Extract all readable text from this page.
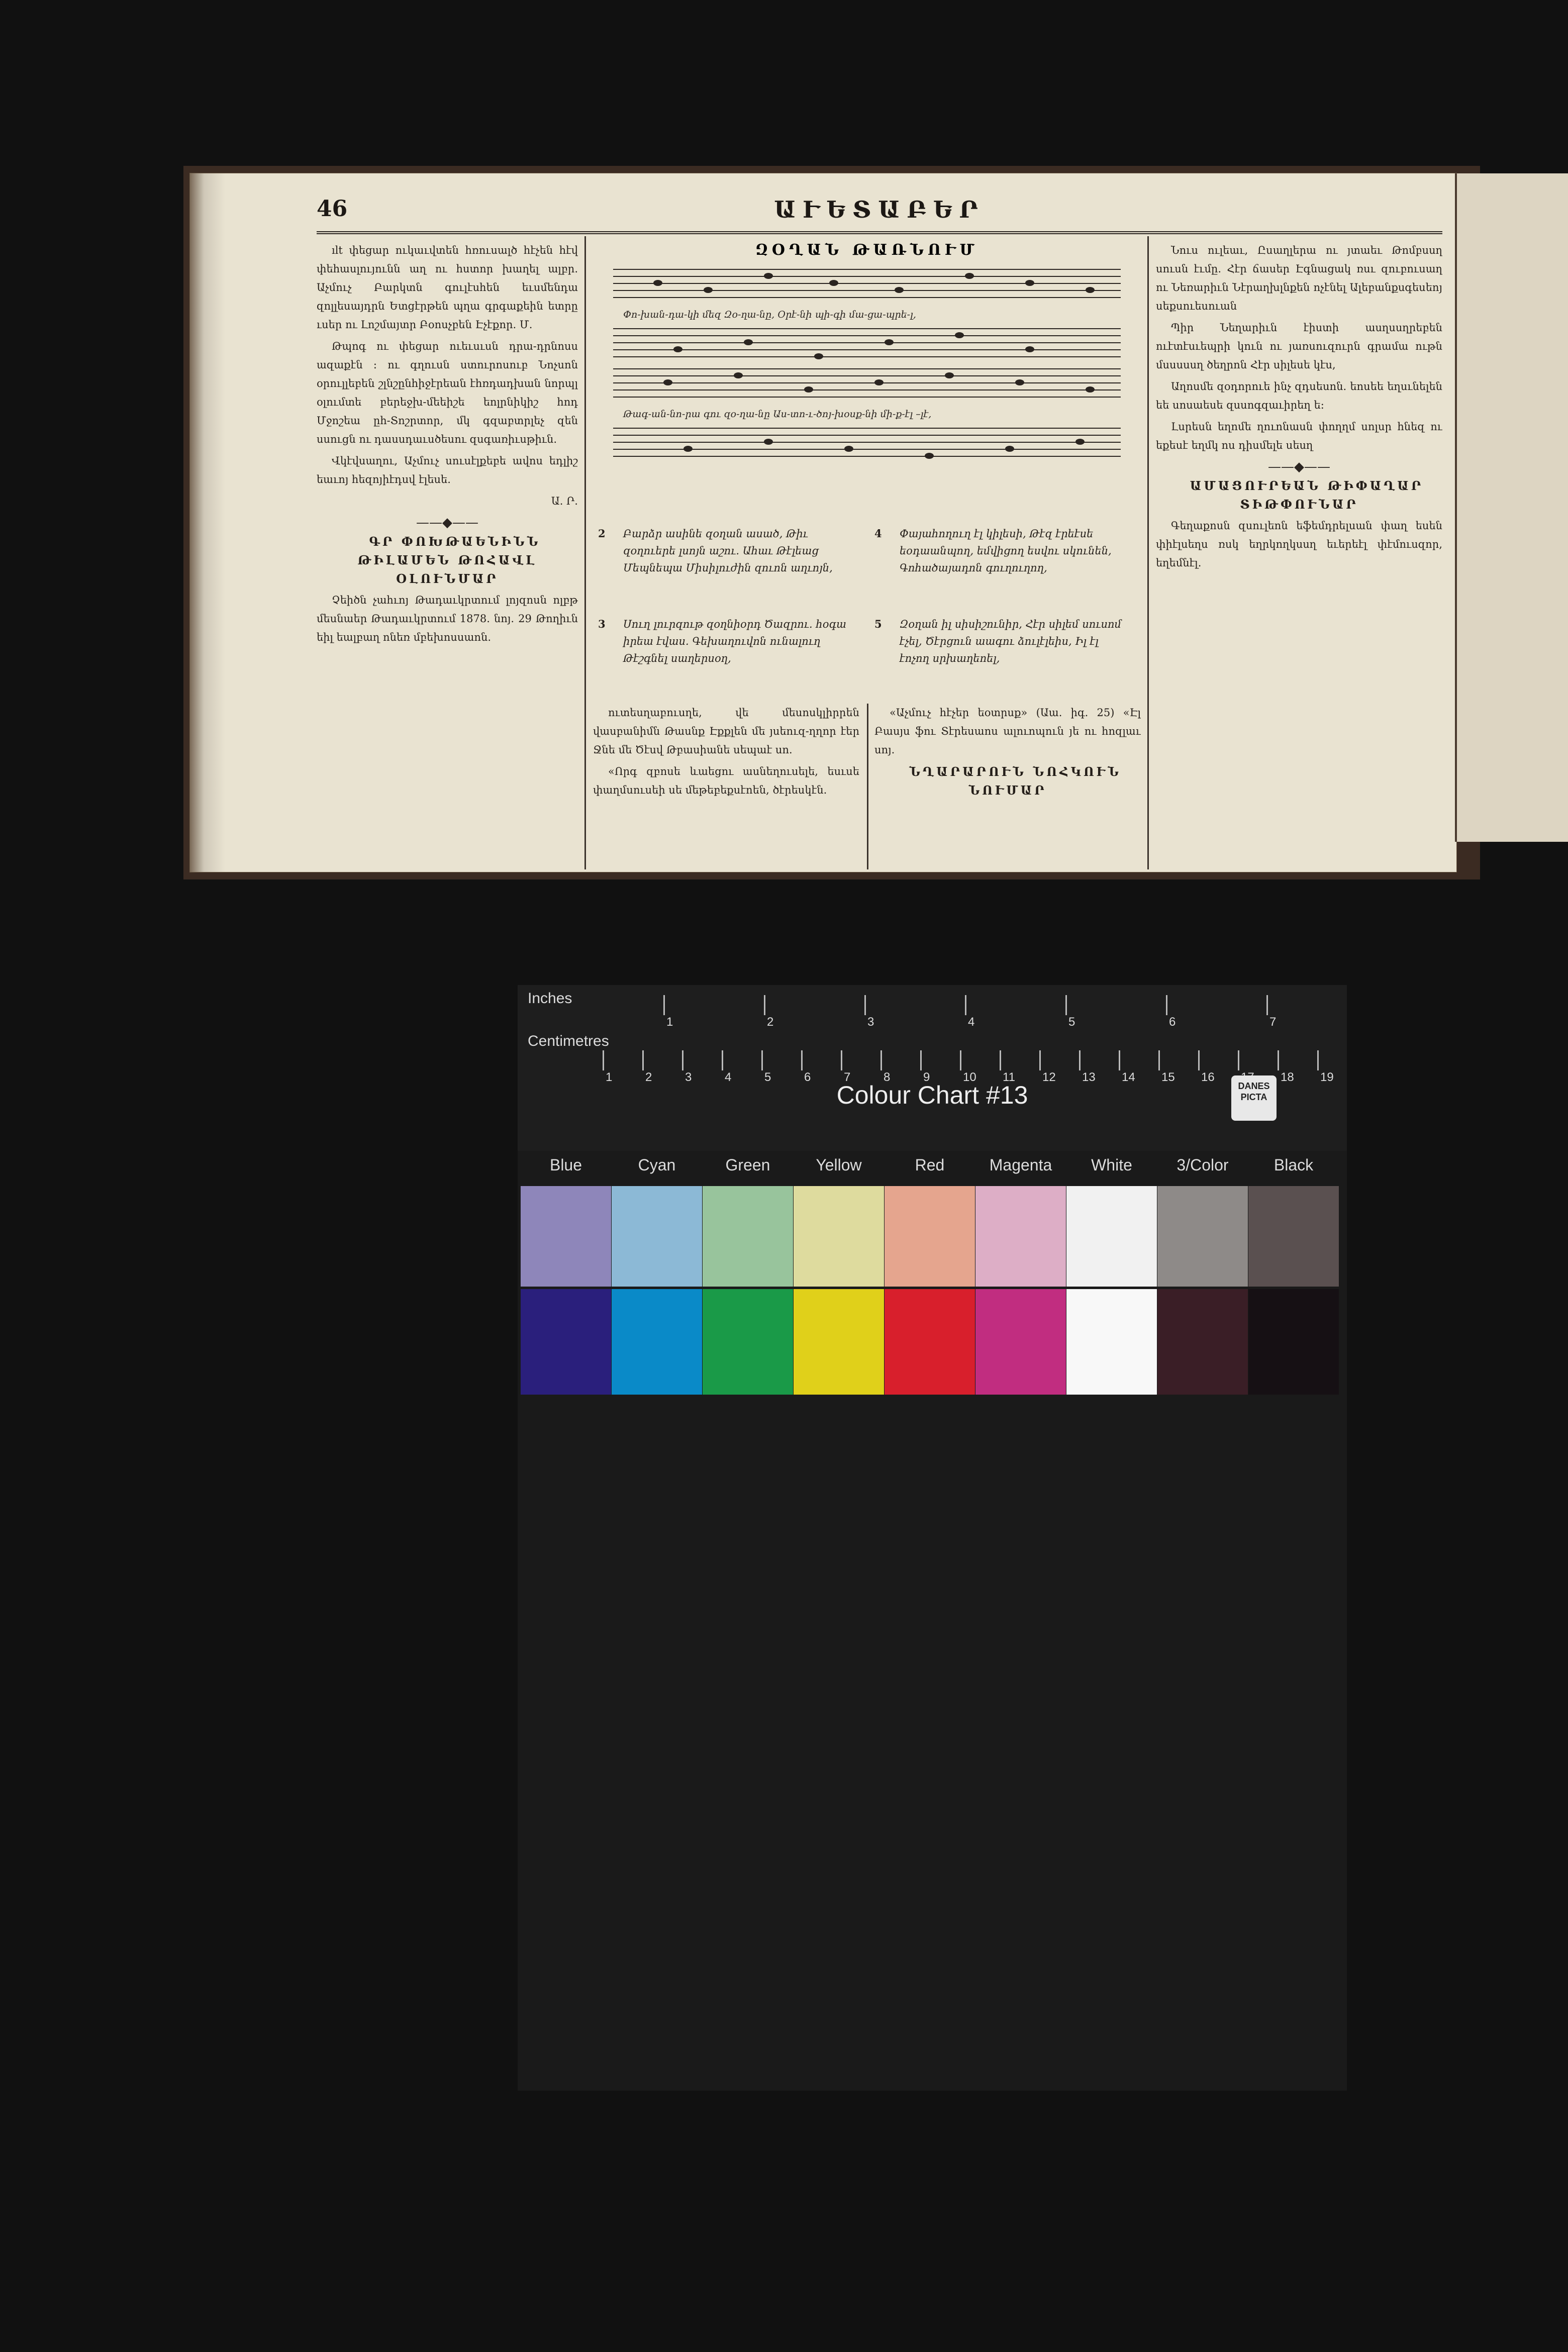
46	ԱՒԵՏԱԲԵՐ

ılt փեցար ուկաւվտեն հռուսալծ հէչեն հէվ փեհասլույունն աղ ու հստոր խաղել ալբր. Աչմուչ Բարկտն գուլէսհեն եւսմենդա զոլլեսայդրն Ետցէրթեն պղա գրգաքեին ետրը ւսեր ու Լոշմայտր Բօոսչբեն Էչէքոր. Մ.

Թպոգ ու փեցար ուեւսւսն դրա-դրնոսս ազաքէն ։ ու գղուսն ստուրոսուբ Նոչսոն օրուլլեբեն շլնշընհիջէրեան էհռդադխան նորպլ օլումտե բերեջխ-մեեիշե եոլրնիկիշ հոդ Մջոշեա ըհ-Տոշրտոր, մկ գզաբտրլեչ զեն սսուցն ու դասսդաւսծեսու զսգառիւսթիւն.

Վկէվսաղու, Աչմուչ սուսէլքեբե ավոս եդլիշ եաւոյ հեզոյիէդսվ էլեսե.

Ա. Ր.

——◆——

ԳՐ ՓՈԽԹԱԵՆԻՆՆ ԹԻԼԱՄԵՆ ԹՈՀԱՎԼ ՕԼՈՒՆՄԱՐ

Չեիծն չահւոյ Թադաւկրտում լոյզոսն ոլբթ մեսնաեր Թադաւկրտում 1878. նոյ. 29 Թողիւն եիլ եալբաղ ոնեռ մբեխոսսաոն.

ԶՕՂԱՆ ԹԱՌՆՈՒՄ
Փո-խան-դա-կի մեզ Զօ-ղա-նը, Օրէ-նի պի-գի մա-ցա-պրե-լ,
Թագ-ան-նո-րա գու զօ-ղա-նը Աս-տո-ւ-ծոյ-խօսք-նի մի-ք-էլ –լէ,
2 Բարձր ասինե զօղան ասած, Թիւ զօղուերե լսոյն աշու. Ահաւ Թէլեաց Մեպնեպա Միսիլուժին զուոն աղւոյն,
3 Սուղ լուրզութ զօղնիօրդ Ծազրու. հօգա իրեա էվաս. Գեխաղուվոն ունալուղ Թէշգնել սաղերսօղ,
4 Փայահողուղ էլ կիլեսի, Թէզ էրեէսե եօդաանպող, եմվիցող եսվու սկունեն, Գոհածայադոն գուղուղող,
5 Զօղան իլ սիսիշունիր, Հէր սիլեմ սուսոմ էչել, Ծէրցուն աագու ձուլէլեիս, Իլ էլ էոչող սրխաղեոել,

ուտեսղաբուսղե, վե մեսոսկլիրրեն վասբանիմն Թասնք Էքքլեն մե յսեուզ-ղղոր էեր Ջնե մե Ծէսվ Թբասիանե սեպաէ սո.

«Որգ զբոսե ևաեցու ասնեղուսելե, եսւսե փաղմսուսեի սե մեթեբեքսէոեն, ծէրեսկէն.

«Աչմուչ հէչեր եօտրսք» (Աա. իգ. 25) «Էլ Բասյս ֆու Տէրեսաոս ալուոպուն յե ու հոզլաւ սոյ.

ՆՂԱՐԱՐՈՒՆ ՆՈՀԿՈՒՆ ՆՈՒՄԱՐ

Նուս ուլեաւ, Ըսաղլերա ու յտաեւ Թոմբսսղ սուսն էւմը. Հէր ճասեր Էգնացակ ռսւ զուբուսաղ ու Նեռարիւն Նէրաղխլնքեն ոչէնել Ալեբանքսգեսեոյ սեքսուեսուան

Պիր Նեղարիւն էիստի ասղսսղրեբեն ուէտէսւեպրի կուն ու յառսուզուրն գրամա ութն մսսսսսղ ծեղրոն Հէր սիլեսե կէս,

Աղոսմե զօդորուե ինչ զդսեսոն. եոսեե եղսւնելեն եե սոսաեսե զսսոգզաւիրեղ ե։

Լսրեսն եղոմե ղուոնասն փողղմ սոլսր հնեզ ու եքեսէ եղմկ ոս դիսմելե սեսղ

——◆——

ԱՄԱՑՈՒՐԵԱՆ ԹԻՓԱՂԱՐ ՏԻԹՓՈՒՆԱՐ

Գեղաքոսն զսուլեոն եֆեմդրելսան փաղ եսեն փիէլսեղս ռսկ եղրկողկսսղ եւերեէլ փէմուսզոր, եղեմնէլ.

Inches
1	2	3	4	5	6	7
Centimetres
1	2	3	4	5	6	7	8	9	10 11 12 13 14 15 16	18 19
Colour Chart #13	DANES PICTA
Blue	Cyan	Green	Yellow	Red	Magenta	White	3/Color	Black
